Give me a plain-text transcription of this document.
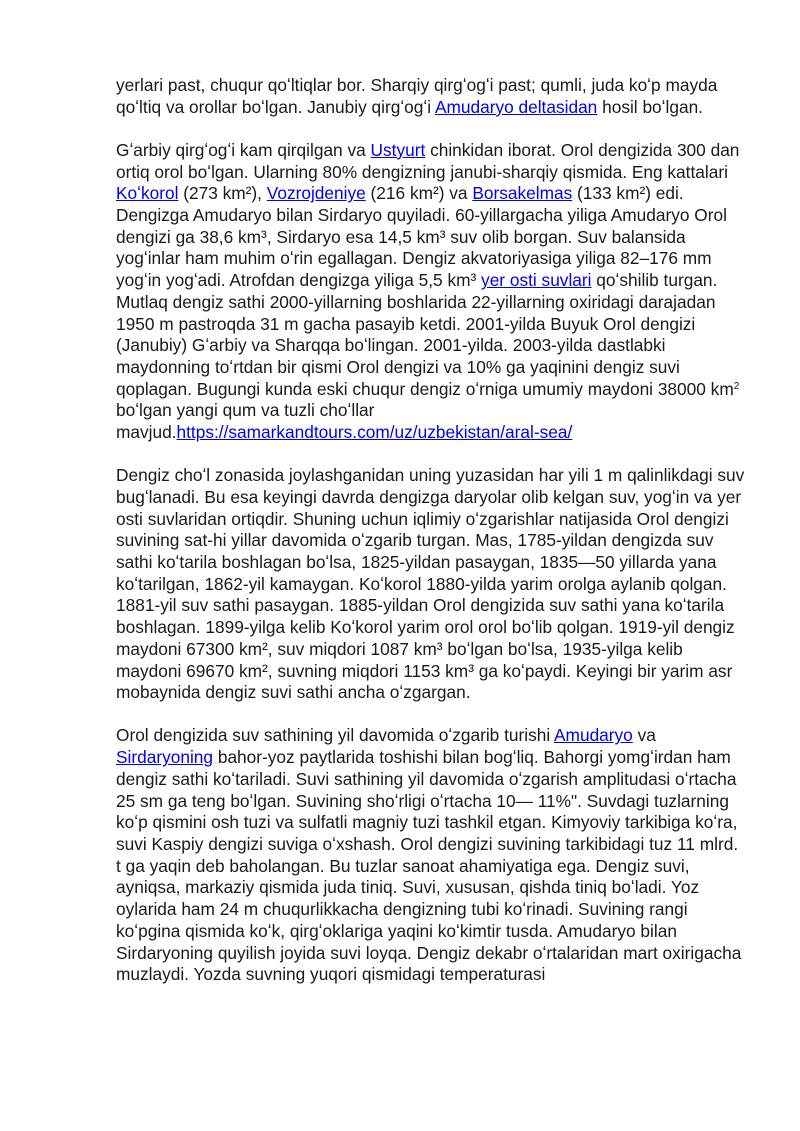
yerlari past, chuqur qoʻltiqlar bor. Sharqiy qirgʻogʻi past; qumli, juda koʻp mayda qoʻltiq va orollar boʻlgan. Janubiy qirgʻogʻi Amudaryo deltasidan hosil boʻlgan.

Gʻarbiy qirgʻogʻi kam qirqilgan va Ustyurt chinkidan iborat. Orol dengizida 300 dan ortiq orol boʻlgan. Ularning 80% dengizning janubi-sharqiy qismida. Eng kattalari Koʻkorol (273 km²), Vozrojdeniye (216 km²) va Borsakelmas (133 km²) edi. Dengizga Amudaryo bilan Sirdaryo quyiladi. 60-yillargacha yiliga Amudaryo Orol dengizi ga 38,6 km³, Sirdaryo esa 14,5 km³ suv olib borgan. Suv balansida yogʻinlar ham muhim oʻrin egallagan. Dengiz akvatoriyasiga yiliga 82–176 mm yogʻin yogʻadi. Atrofdan dengizga yiliga 5,5 km³ yer osti suvlari qoʻshilib turgan. Mutlaq dengiz sathi 2000-yillarning boshlarida 22-yillarning oxiridagi darajadan 1950 m pastroqda 31 m gacha pasayib ketdi. 2001-yilda Buyuk Orol dengizi (Janubiy) Gʻarbiy va Sharqqa boʻlingan. 2001-yilda. 2003-yilda dastlabki maydonning toʻrtdan bir qismi Orol dengizi va 10% ga yaqinini dengiz suvi qoplagan. Bugungi kunda eski chuqur dengiz oʻrniga umumiy maydoni 38000 $km^2$ boʻlgan yangi qum va tuzli choʻllar mavjud.https://samarkandtours.com/uz/uzbekistan/aral-sea/

Dengiz choʻl zonasida joylashganidan uning yuzasidan har yili 1 m qalinlikdagi suv bugʻlanadi. Bu esa keyingi davrda dengizga daryolar olib kelgan suv, yogʻin va yer osti suvlaridan ortiqdir. Shuning uchun iqlimiy oʻzgarishlar natijasida Orol dengizi suvining sat-hi yillar davomida oʻzgarib turgan. Mas, 1785-yildan dengizda suv sathi koʻtarila boshlagan boʻlsa, 1825-yildan pasaygan, 1835—50 yillarda yana koʻtarilgan, 1862-yil kamaygan. Koʻkorol 1880-yilda yarim orolga aylanib qolgan. 1881-yil suv sathi pasaygan. 1885-yildan Orol dengizida suv sathi yana koʻtarila boshlagan. 1899-yilga kelib Koʻkorol yarim orol orol boʻlib qolgan. 1919-yil dengiz maydoni 67300 km², suv miqdori 1087 km³ boʻlgan boʻlsa, 1935-yilga kelib maydoni 69670 km², suvning miqdori 1153 km³ ga koʻpaydi. Keyingi bir yarim asr mobaynida dengiz suvi sathi ancha oʻzgargan.

Orol dengizida suv sathining yil davomida oʻzgarib turishi Amudaryo va Sirdaryoning bahor-yoz paytlarida toshishi bilan bogʻliq. Bahorgi yomgʻirdan ham dengiz sathi koʻtariladi. Suvi sathining yil davomida oʻzgarish amplitudasi oʻrtacha 25 sm ga teng boʻlgan. Suvining shoʻrligi oʻrtacha 10— 11%". Suvdagi tuzlarning koʻp qismini osh tuzi va sulfatli magniy tuzi tashkil etgan. Kimyoviy tarkibiga koʻra, suvi Kaspiy dengizi suviga oʻxshash. Orol dengizi suvining tarkibidagi tuz 11 mlrd. t ga yaqin deb baholangan. Bu tuzlar sanoat ahamiyatiga ega. Dengiz suvi, ayniqsa, markaziy qismida juda tiniq. Suvi, xususan, qishda tiniq boʻladi. Yoz oylarida ham 24 m chuqurlikkacha dengizning tubi koʻrinadi. Suvining rangi koʻpgina qismida koʻk, qirgʻoklariga yaqini koʻkimtir tusda. Amudaryo bilan Sirdaryoning quyilish joyida suvi loyqa. Dengiz dekabr oʻrtalaridan mart oxirigacha muzlaydi. Yozda suvning yuqori qismidagi temperaturasi
